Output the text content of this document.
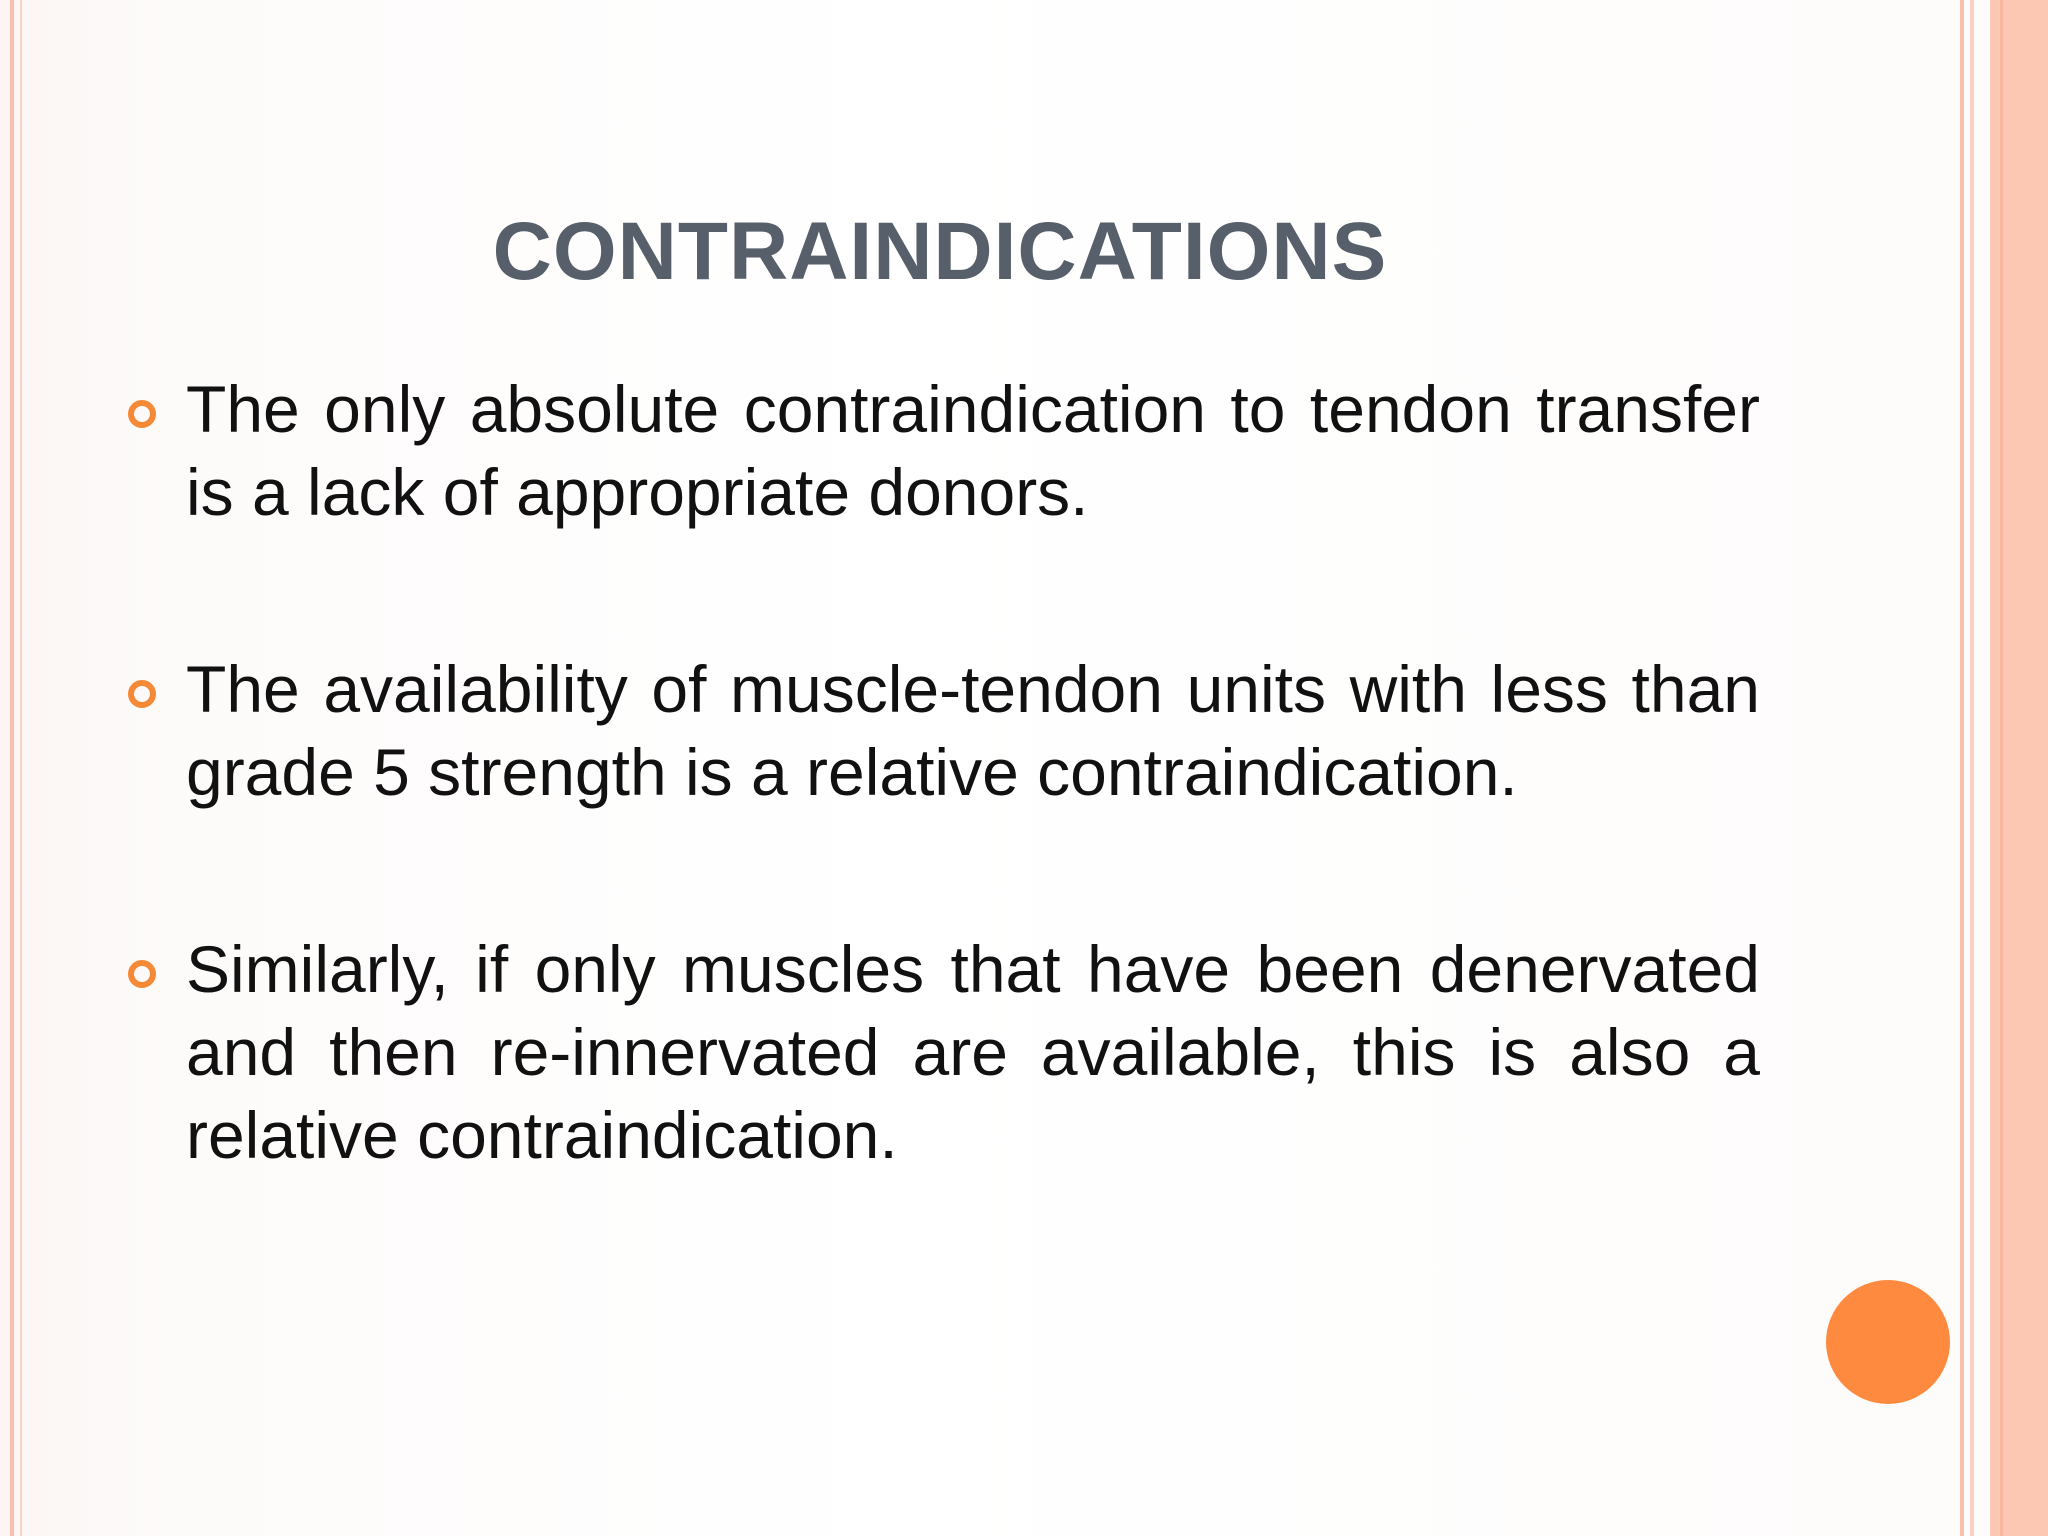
CONTRAINDICATIONS
The only absolute contraindication to tendon transfer is a lack of appropriate donors.
The availability of muscle-tendon units with less than grade 5 strength is a relative contraindication.
Similarly, if only muscles that have been denervated and then re-innervated are available, this is also a relative contraindication.
